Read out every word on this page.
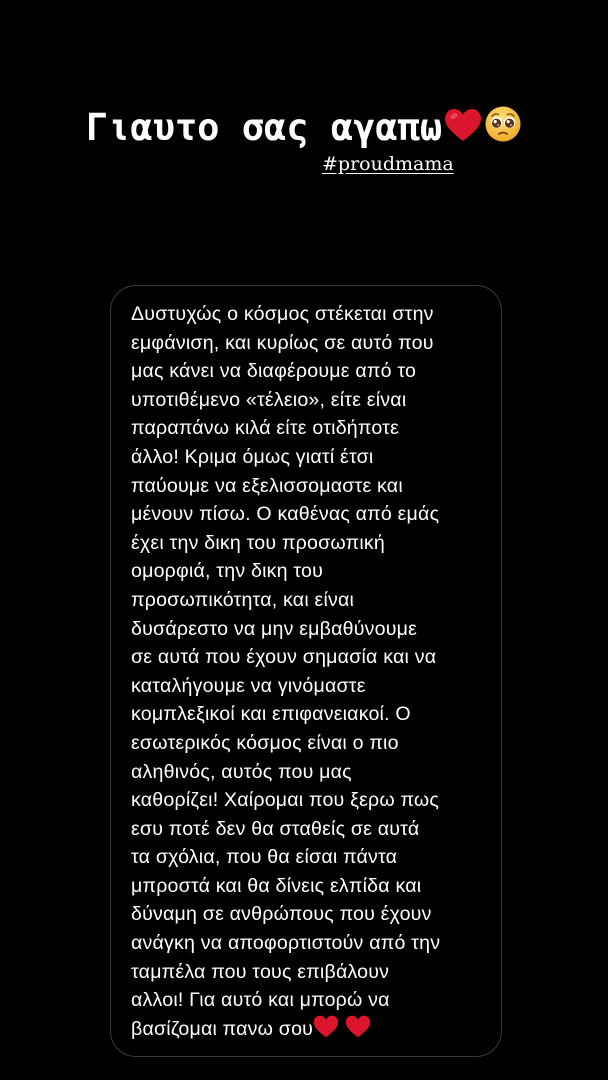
Γιαυτο σας αγαπω
#proudmama

Δυστυχώς ο κόσμος στέκεται στην
εμφάνιση, και κυρίως σε αυτό που
μας κάνει να διαφέρουμε από το
υποτιθέμενο «τέλειο», είτε είναι
παραπάνω κιλά είτε οτιδήποτε
άλλο! Κριμα όμως γιατί έτσι
παύουμε να εξελισσομαστε και
μένουν πίσω. Ο καθένας από εμάς
έχει την δικη του προσωπική
ομορφιά, την δικη του
προσωπικότητα, και είναι
δυσάρεστο να μην εμβαθύνουμε
σε αυτά που έχουν σημασία και να
καταλήγουμε να γινόμαστε
κομπλεξικοί και επιφανειακοί. Ο
εσωτερικός κόσμος είναι ο πιο
αληθινός, αυτός που μας
καθορίζει! Χαίρομαι που ξερω πως
εσυ ποτέ δεν θα σταθείς σε αυτά
τα σχόλια, που θα είσαι πάντα
μπροστά και θα δίνεις ελπίδα και
δύναμη σε ανθρώπους που έχουν
ανάγκη να αποφορτιστούν από την
ταμπέλα που τους επιβάλουν
αλλοι! Για αυτό και μπορώ να
βασίζομαι πανω σου
